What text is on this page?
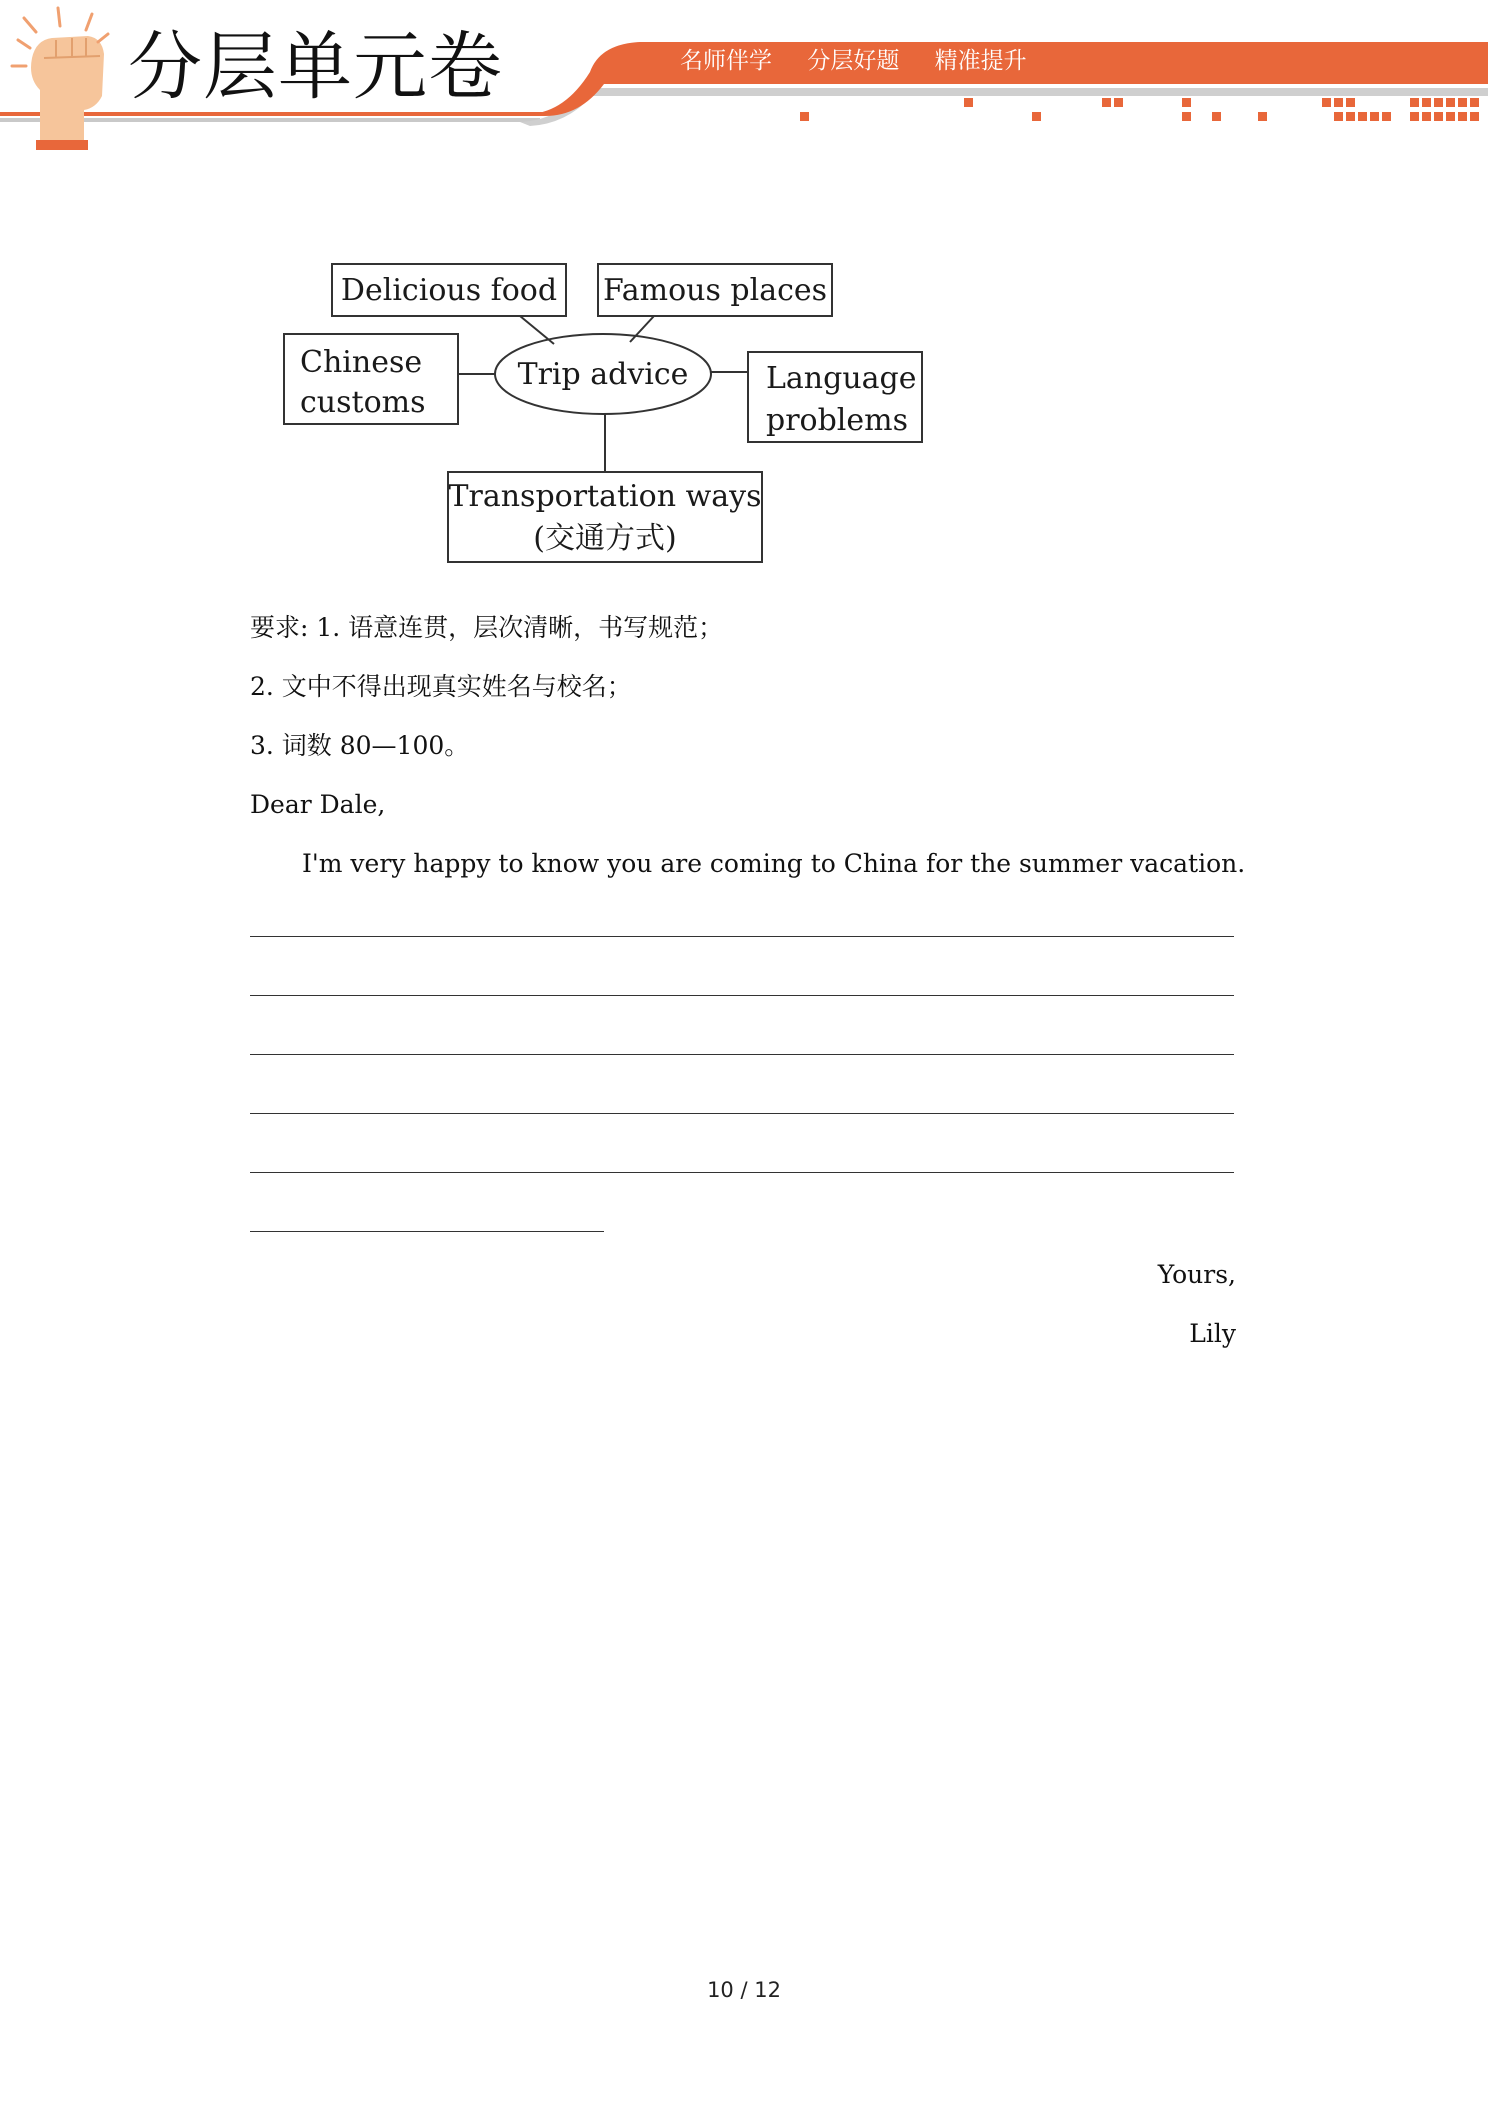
分层单元卷	名师伴学 分层好题 精准提升
Delicious food Famous places
Chinese
customs
Trip advice	Language
problems
Transportation ways
(交通方式)
要求: 1. 语意连贯，层次清晰，书写规范；
2. 文中不得出现真实姓名与校名；
3. 词数 80—100。
Dear Dale,
I'm very happy to know you are coming to China for the summer vacation.
Yours,
Lily
10 / 12
